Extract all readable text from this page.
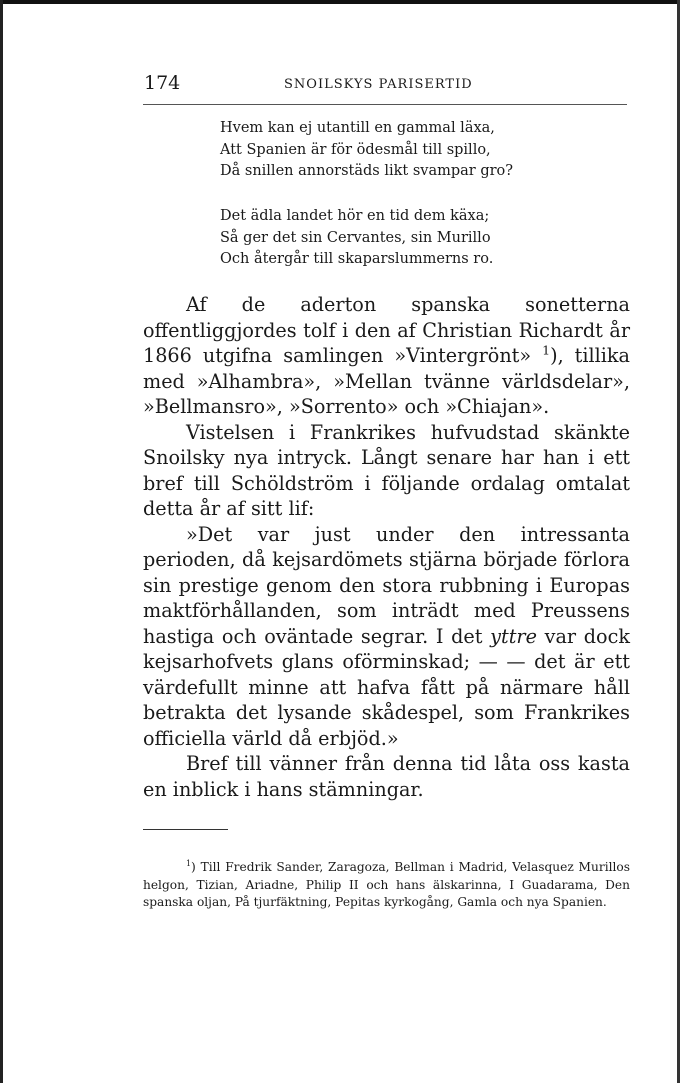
174	SNOILSKYS PARISERTID
Hvem kan ej utantill en gammal läxa,
Att Spanien är för ödesmål till spillo,
Då snillen annorstäds likt svampar gro?
Det ädla landet hör en tid dem käxa;
Så ger det sin Cervantes, sin Murillo
Och återgår till skaparslummerns ro.

Af de aderton spanska sonetterna offentliggjordes tolf i den af Christian Richardt år 1866 utgifna samlingen »Vintergrönt» $^1$), tillika med »Alhambra», »Mellan tvänne världsdelar», »Bellmansro», »Sorrento» och »Chiajan».

Vistelsen i Frankrikes hufvudstad skänkte Snoilsky nya intryck. Långt senare har han i ett bref till Schöldström i följande ordalag omtalat detta år af sitt lif:

»Det var just under den intressanta perioden, då kejsardömets stjärna började förlora sin prestige genom den stora rubbning i Europas maktförhållanden, som inträdt med Preussens hastiga och oväntade segrar. I det yttre var dock kejsarhofvets glans oförminskad; — — det är ett värdefullt minne att hafva fått på närmare håll betrakta det lysande skådespel, som Frankrikes officiella värld då erbjöd.»

Bref till vänner från denna tid låta oss kasta en inblick i hans stämningar.

$^1$) Till Fredrik Sander, Zaragoza, Bellman i Madrid, Velasquez Murillos helgon, Tizian, Ariadne, Philip II och hans älskarinna, I Guadarama, Den spanska oljan, På tjurfäktning, Pepitas kyrkogång, Gamla och nya Spanien.
